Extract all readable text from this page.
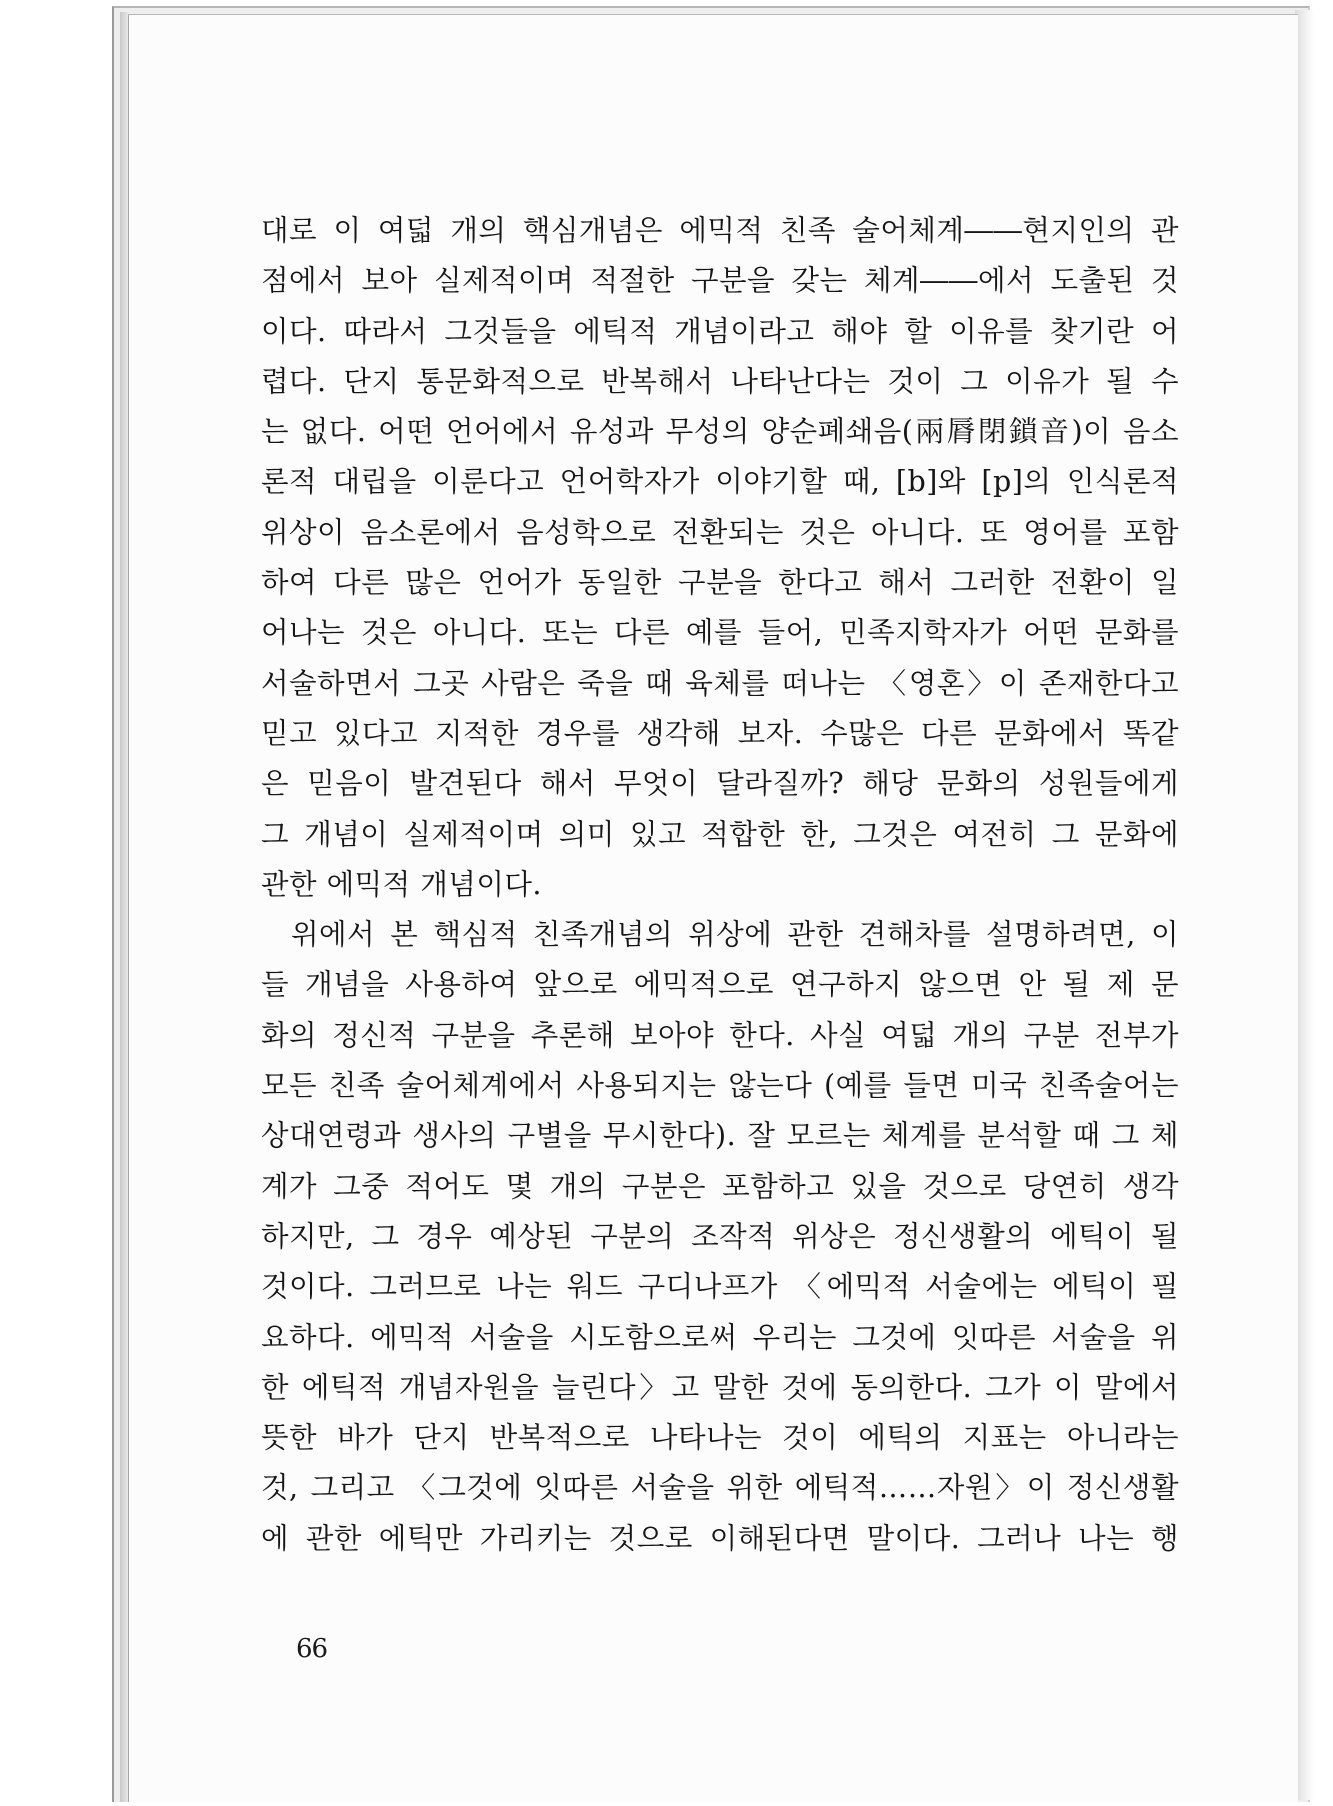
대로 이 여덟 개의 핵심개념은 에믹적 친족 술어체계――현지인의 관
점에서 보아 실제적이며 적절한 구분을 갖는 체계――에서 도출된 것
이다. 따라서 그것들을 에틱적 개념이라고 해야 할 이유를 찾기란 어
렵다. 단지 통문화적으로 반복해서 나타난다는 것이 그 이유가 될 수
는 없다. 어떤 언어에서 유성과 무성의 양순폐쇄음(兩脣閉鎖音)이 음소
론적 대립을 이룬다고 언어학자가 이야기할 때, [b]와 [p]의 인식론적
위상이 음소론에서 음성학으로 전환되는 것은 아니다. 또 영어를 포함
하여 다른 많은 언어가 동일한 구분을 한다고 해서 그러한 전환이 일
어나는 것은 아니다. 또는 다른 예를 들어, 민족지학자가 어떤 문화를
서술하면서 그곳 사람은 죽을 때 육체를 떠나는 〈영혼〉이 존재한다고
믿고 있다고 지적한 경우를 생각해 보자. 수많은 다른 문화에서 똑같
은 믿음이 발견된다 해서 무엇이 달라질까? 해당 문화의 성원들에게
그 개념이 실제적이며 의미 있고 적합한 한, 그것은 여전히 그 문화에
관한 에믹적 개념이다.
위에서 본 핵심적 친족개념의 위상에 관한 견해차를 설명하려면, 이
들 개념을 사용하여 앞으로 에믹적으로 연구하지 않으면 안 될 제 문
화의 정신적 구분을 추론해 보아야 한다. 사실 여덟 개의 구분 전부가
모든 친족 술어체계에서 사용되지는 않는다 (예를 들면 미국 친족술어는
상대연령과 생사의 구별을 무시한다). 잘 모르는 체계를 분석할 때 그 체
계가 그중 적어도 몇 개의 구분은 포함하고 있을 것으로 당연히 생각
하지만, 그 경우 예상된 구분의 조작적 위상은 정신생활의 에틱이 될
것이다. 그러므로 나는 워드 구디나프가 〈에믹적 서술에는 에틱이 필
요하다. 에믹적 서술을 시도함으로써 우리는 그것에 잇따른 서술을 위
한 에틱적 개념자원을 늘린다〉고 말한 것에 동의한다. 그가 이 말에서
뜻한 바가 단지 반복적으로 나타나는 것이 에틱의 지표는 아니라는
것, 그리고 〈그것에 잇따른 서술을 위한 에틱적……자원〉이 정신생활
에 관한 에틱만 가리키는 것으로 이해된다면 말이다. 그러나 나는 행
66
